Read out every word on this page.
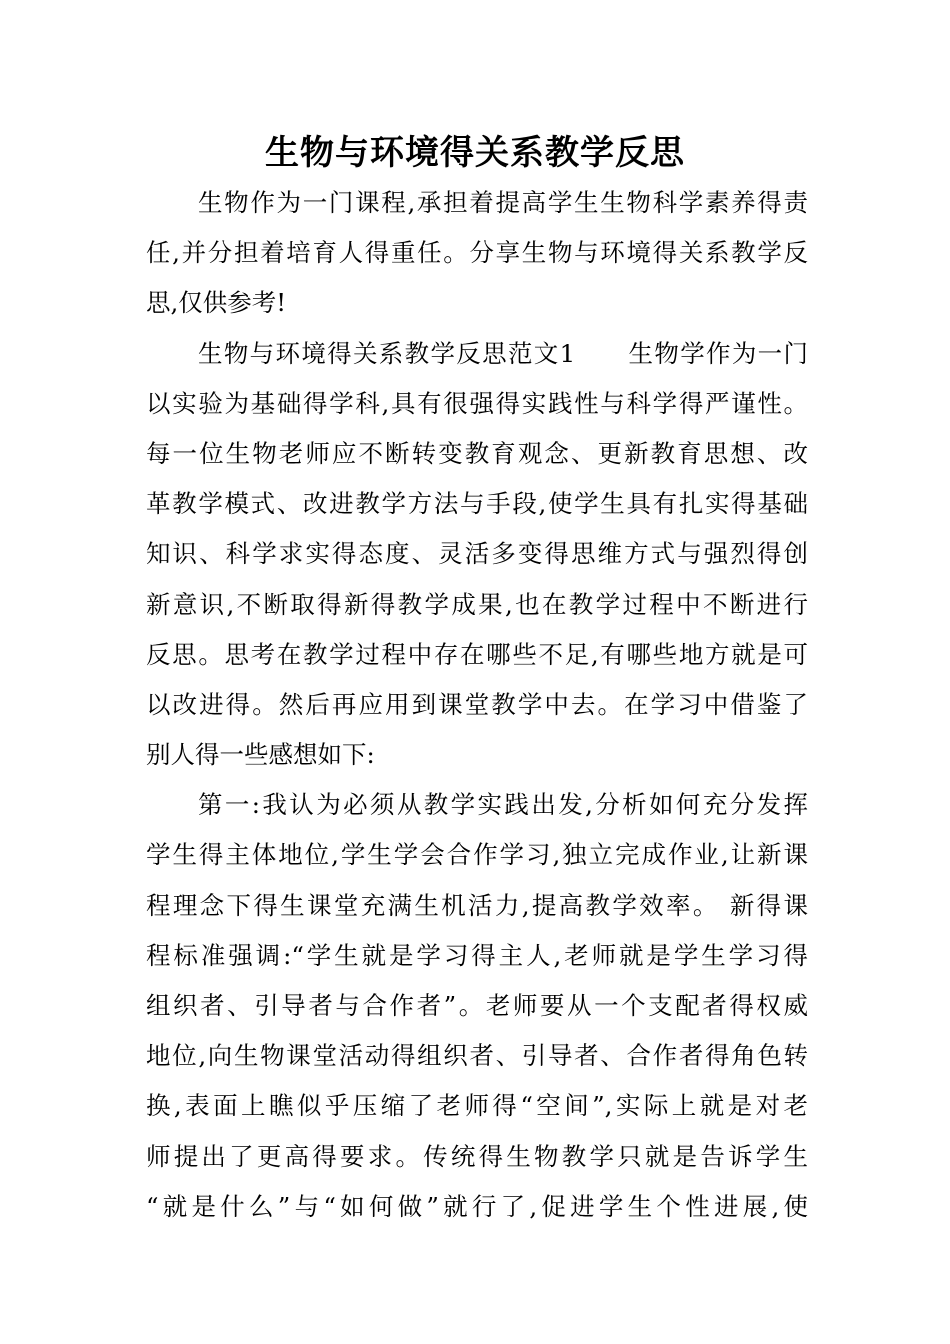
生物与环境得关系教学反思
生物作为一门课程,承担着提高学生生物科学素养得责
任,并分担着培育人得重任。分享生物与环境得关系教学反
思,仅供参考!
生物与环境得关系教学反思范文1 生物学作为一门
以实验为基础得学科,具有很强得实践性与科学得严谨性。
每一位生物老师应不断转变教育观念、更新教育思想、改
革教学模式、改进教学方法与手段,使学生具有扎实得基础
知识、科学求实得态度、灵活多变得思维方式与强烈得创
新意识,不断取得新得教学成果,也在教学过程中不断进行
反思。思考在教学过程中存在哪些不足,有哪些地方就是可
以改进得。然后再应用到课堂教学中去。在学习中借鉴了
别人得一些感想如下:
第一:我认为必须从教学实践出发,分析如何充分发挥
学生得主体地位,学生学会合作学习,独立完成作业,让新课
程理念下得生课堂充满生机活力,提高教学效率。 新得课
程标准强调:“学生就是学习得主人,老师就是学生学习得
组织者、引导者与合作者”。老师要从一个支配者得权威
地位,向生物课堂活动得组织者、引导者、合作者得角色转
换,表面上瞧似乎压缩了老师得“空间”,实际上就是对老
师提出了更高得要求。传统得生物教学只就是告诉学生
“就是什么”与“如何做”就行了,促进学生个性进展,使
